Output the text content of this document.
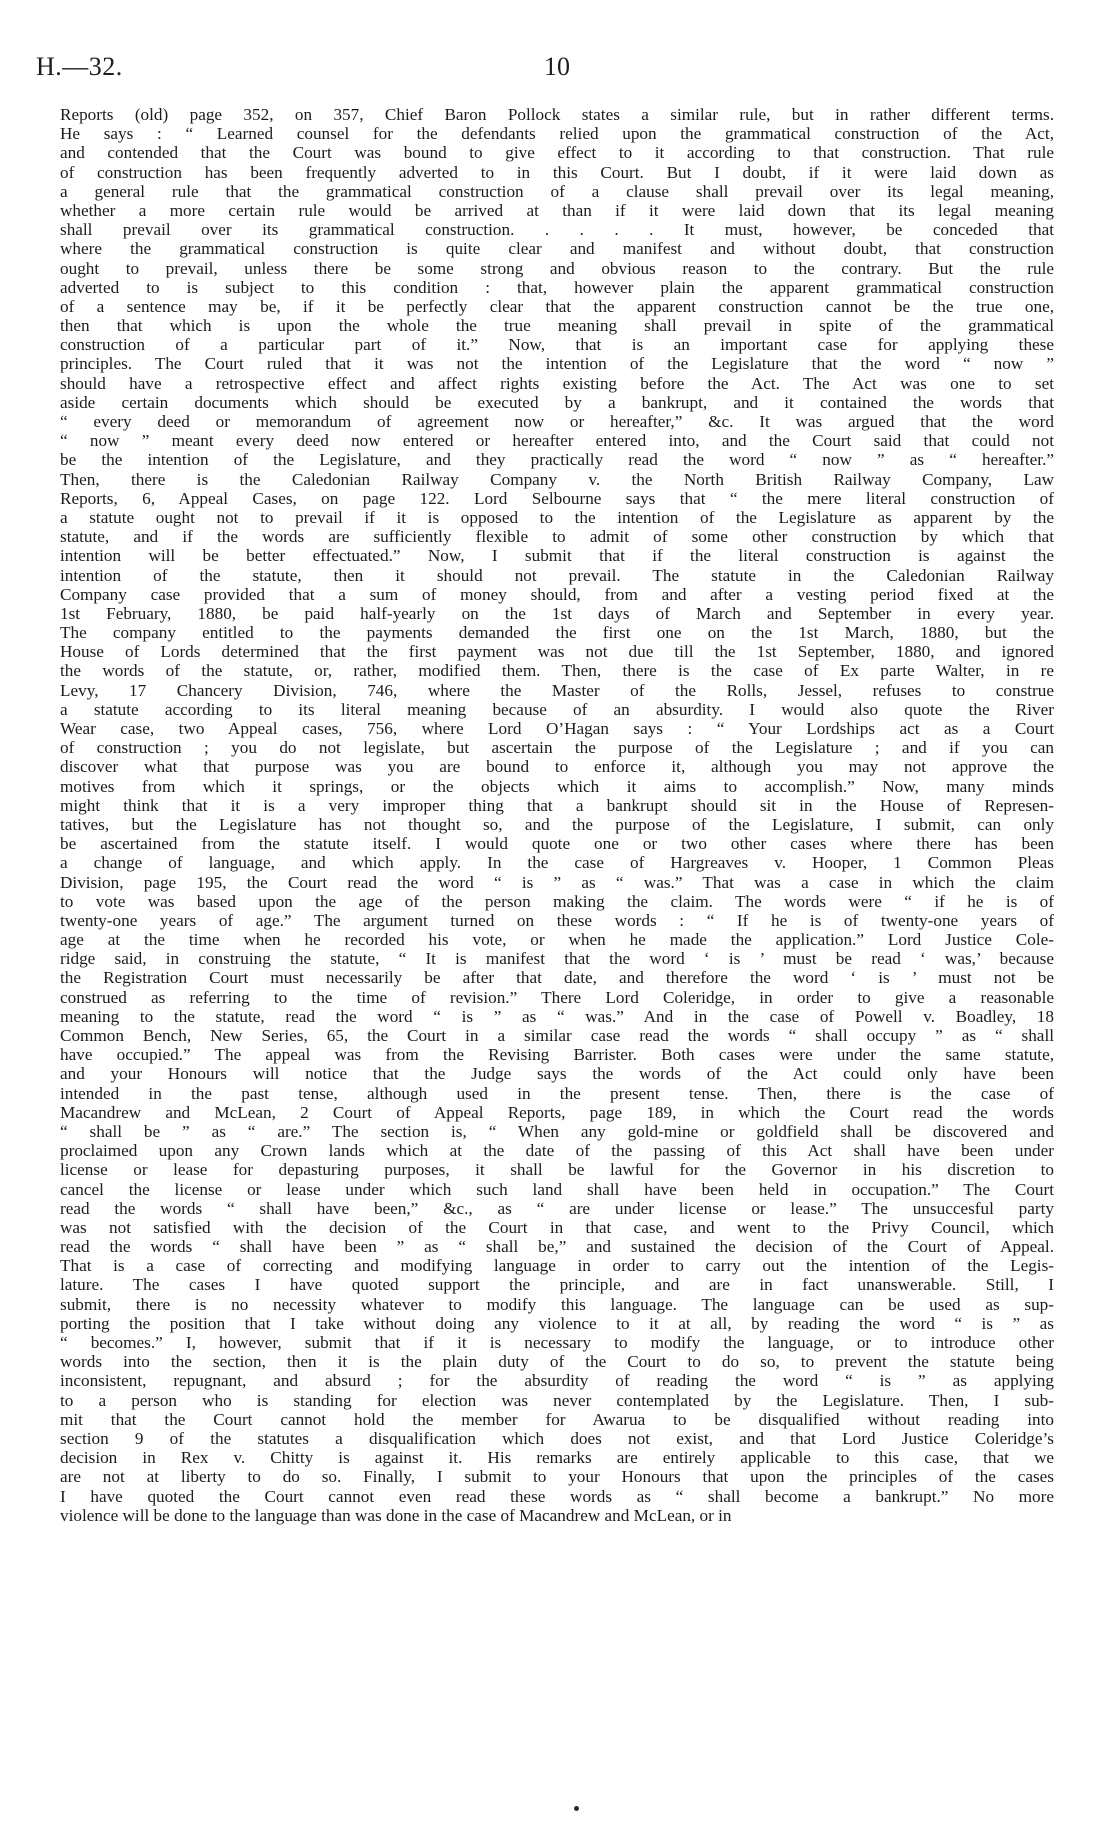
H.—32.	10
Reports (old) page 352, on 357, Chief Baron Pollock states a similar rule, but in rather different terms.
He says : “ Learned counsel for the defendants relied upon the grammatical construction of the Act,
and contended that the Court was bound to give effect to it according to that construction. That rule
of construction has been frequently adverted to in this Court. But I doubt, if it were laid down as
a general rule that the grammatical construction of a clause shall prevail over its legal meaning,
whether a more certain rule would be arrived at than if it were laid down that its legal meaning
shall prevail over its grammatical construction. . . . . It must, however, be conceded that
where the grammatical construction is quite clear and manifest and without doubt, that construction
ought to prevail, unless there be some strong and obvious reason to the contrary. But the rule
adverted to is subject to this condition : that, however plain the apparent grammatical construction
of a sentence may be, if it be perfectly clear that the apparent construction cannot be the true one,
then that which is upon the whole the true meaning shall prevail in spite of the grammatical
construction of a particular part of it.” Now, that is an important case for applying these
principles. The Court ruled that it was not the intention of the Legislature that the word “ now ”
should have a retrospective effect and affect rights existing before the Act. The Act was one to set
aside certain documents which should be executed by a bankrupt, and it contained the words that
“ every deed or memorandum of agreement now or hereafter,” &c. It was argued that the word
“ now ” meant every deed now entered or hereafter entered into, and the Court said that could not
be the intention of the Legislature, and they practically read the word “ now ” as “ hereafter.”
Then, there is the Caledonian Railway Company v. the North British Railway Company, Law
Reports, 6, Appeal Cases, on page 122. Lord Selbourne says that “ the mere literal construction of
a statute ought not to prevail if it is opposed to the intention of the Legislature as apparent by the
statute, and if the words are sufficiently flexible to admit of some other construction by which that
intention will be better effectuated.” Now, I submit that if the literal construction is against the
intention of the statute, then it should not prevail. The statute in the Caledonian Railway
Company case provided that a sum of money should, from and after a vesting period fixed at the
1st February, 1880, be paid half-yearly on the 1st days of March and September in every year.
The company entitled to the payments demanded the first one on the 1st March, 1880, but the
House of Lords determined that the first payment was not due till the 1st September, 1880, and ignored
the words of the statute, or, rather, modified them. Then, there is the case of Ex parte Walter, in re
Levy, 17 Chancery Division, 746, where the Master of the Rolls, Jessel, refuses to construe
a statute according to its literal meaning because of an absurdity. I would also quote the River
Wear case, two Appeal cases, 756, where Lord O’Hagan says : “ Your Lordships act as a Court
of construction ; you do not legislate, but ascertain the purpose of the Legislature ; and if you can
discover what that purpose was you are bound to enforce it, although you may not approve the
motives from which it springs, or the objects which it aims to accomplish.” Now, many minds
might think that it is a very improper thing that a bankrupt should sit in the House of Represen-
tatives, but the Legislature has not thought so, and the purpose of the Legislature, I submit, can only
be ascertained from the statute itself. I would quote one or two other cases where there has been
a change of language, and which apply. In the case of Hargreaves v. Hooper, 1 Common Pleas
Division, page 195, the Court read the word “ is ” as “ was.” That was a case in which the claim
to vote was based upon the age of the person making the claim. The words were “ if he is of
twenty-one years of age.” The argument turned on these words : “ If he is of twenty-one years of
age at the time when he recorded his vote, or when he made the application.” Lord Justice Cole-
ridge said, in construing the statute, “ It is manifest that the word ‘ is ’ must be read ‘ was,’ because
the Registration Court must necessarily be after that date, and therefore the word ‘ is ’ must not be
construed as referring to the time of revision.” There Lord Coleridge, in order to give a reasonable
meaning to the statute, read the word “ is ” as “ was.” And in the case of Powell v. Boadley, 18
Common Bench, New Series, 65, the Court in a similar case read the words “ shall occupy ” as “ shall
have occupied.” The appeal was from the Revising Barrister. Both cases were under the same statute,
and your Honours will notice that the Judge says the words of the Act could only have been
intended in the past tense, although used in the present tense. Then, there is the case of
Macandrew and McLean, 2 Court of Appeal Reports, page 189, in which the Court read the words
“ shall be ” as “ are.” The section is, “ When any gold-mine or goldfield shall be discovered and
proclaimed upon any Crown lands which at the date of the passing of this Act shall have been under
license or lease for depasturing purposes, it shall be lawful for the Governor in his discretion to
cancel the license or lease under which such land shall have been held in occupation.” The Court
read the words “ shall have been,” &c., as “ are under license or lease.” The unsuccesful party
was not satisfied with the decision of the Court in that case, and went to the Privy Council, which
read the words “ shall have been ” as “ shall be,” and sustained the decision of the Court of Appeal.
That is a case of correcting and modifying language in order to carry out the intention of the Legis-
lature. The cases I have quoted support the principle, and are in fact unanswerable. Still, I
submit, there is no necessity whatever to modify this language. The language can be used as sup-
porting the position that I take without doing any violence to it at all, by reading the word “ is ” as
“ becomes.” I, however, submit that if it is necessary to modify the language, or to introduce other
words into the section, then it is the plain duty of the Court to do so, to prevent the statute being
inconsistent, repugnant, and absurd ; for the absurdity of reading the word “ is ” as applying
to a person who is standing for election was never contemplated by the Legislature. Then, I sub-
mit that the Court cannot hold the member for Awarua to be disqualified without reading into
section 9 of the statutes a disqualification which does not exist, and that Lord Justice Coleridge’s
decision in Rex v. Chitty is against it. His remarks are entirely applicable to this case, that we
are not at liberty to do so. Finally, I submit to your Honours that upon the principles of the cases
I have quoted the Court cannot even read these words as “ shall become a bankrupt.” No more
violence will be done to the language than was done in the case of Macandrew and McLean, or in
